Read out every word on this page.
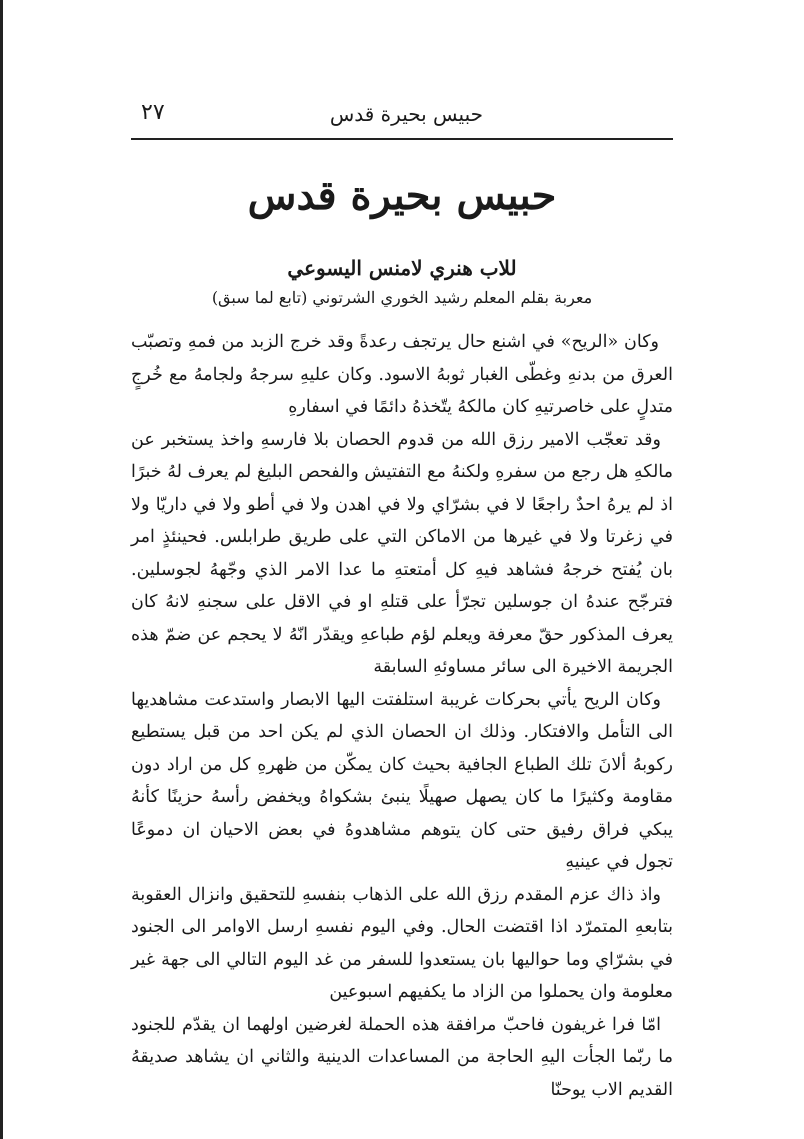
حبيس بحيرة قدس
٢٧
حبيس بحيرة قدس
للاب هنري لامنس اليسوعي
معربة بقلم المعلم رشيد الخوري الشرتوني (تابع لما سبق)

وكان «الريح» في اشنع حال يرتجف رعدةً وقد خرج الزبد من فمهِ وتصبّب العرق من بدنهِ وغطّى الغبار ثوبهُ الاسود. وكان عليهِ سرجهُ ولجامهُ مع خُرجٍ متدلٍ على خاصرتيهِ كان مالكهُ يتّخذهُ دائمًا في اسفارهِ

وقد تعجّب الامير رزق الله من قدوم الحصان بلا فارسهِ واخذ يستخبر عن مالكهِ هل رجع من سفرهِ ولكنهُ مع التفتيش والفحص البليغ لم يعرف لهُ خبرًا اذ لم يرهُ احدٌ راجعًا لا في بشرّاي ولا في اهدن ولا في أطو ولا في داريّا ولا في زغرتا ولا في غيرها من الاماكن التي على طريق طرابلس. فحينئذٍ امر بان يُفتح خرجهُ فشاهد فيهِ كل أمتعتهِ ما عدا الامر الذي وجّههُ لجوسلين. فترجّح عندهُ ان جوسلين تجرّأ على قتلهِ او في الاقل على سجنهِ لانهُ كان يعرف المذكور حقّ معرفة ويعلم لؤم طباعهِ ويقدّر انّهُ لا يحجم عن ضمّ هذه الجريمة الاخيرة الى سائر مساوئهِ السابقة

وكان الريح يأتي بحركات غريبة استلفتت اليها الابصار واستدعت مشاهديها الى التأمل والافتكار. وذلك ان الحصان الذي لم يكن احد من قبل يستطيع ركوبهُ ألانَ تلك الطباع الجافية بحيث كان يمكّن من ظهرهِ كل من اراد دون مقاومة وكثيرًا ما كان يصهل صهيلًا ينبئ بشكواهُ ويخفض رأسهُ حزينًا كأنهُ يبكي فراق رفيق حتى كان يتوهم مشاهدوهُ في بعض الاحيان ان دموعًا تجول في عينيهِ

واذ ذاك عزم المقدم رزق الله على الذهاب بنفسهِ للتحقيق وانزال العقوبة بتابعهِ المتمرّد اذا اقتضت الحال. وفي اليوم نفسهِ ارسل الاوامر الى الجنود في بشرّاي وما حواليها بان يستعدوا للسفر من غد اليوم التالي الى جهة غير معلومة وان يحملوا من الزاد ما يكفيهم اسبوعين

امّا فرا غريفون فاحبّ مرافقة هذه الحملة لغرضين اولهما ان يقدّم للجنود ما ربّما الجأت اليهِ الحاجة من المساعدات الدينية والثاني ان يشاهد صديقهُ القديم الاب يوحنّا
